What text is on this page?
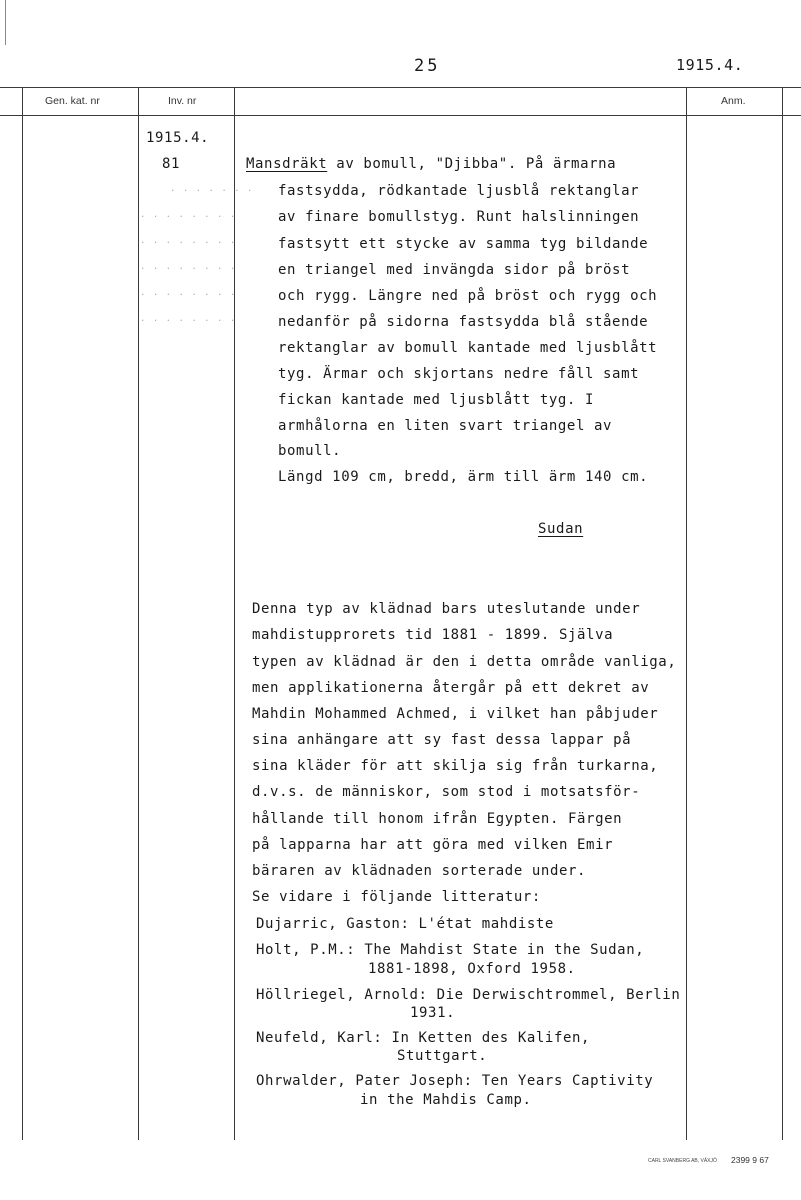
25	1915.4.
Gen. kat. nr	Inv. nr	Anm.
1915.4.
81
. . . . . . .
. . . . . . . .
. . . . . . . .
. . . . . . . .
. . . . . . . .
. . . . . . . .
Mansdräkt av bomull, "Djibba". På ärmarna
fastsydda, rödkantade ljusblå rektanglar
av finare bomullstyg. Runt halslinningen
fastsytt ett stycke av samma tyg bildande
en triangel med invängda sidor på bröst
och rygg. Längre ned på bröst och rygg och
nedanför på sidorna fastsydda blå stående
rektanglar av bomull kantade med ljusblått
tyg. Ärmar och skjortans nedre fåll samt
fickan kantade med ljusblått tyg. I
armhålorna en liten svart triangel av
bomull.
Längd 109 cm, bredd, ärm till ärm 140 cm.
Sudan
Denna typ av klädnad bars uteslutande under
mahdistupprorets tid 1881 - 1899. Själva
typen av klädnad är den i detta område vanliga,
men applikationerna återgår på ett dekret av
Mahdin Mohammed Achmed, i vilket han påbjuder
sina anhängare att sy fast dessa lappar på
sina kläder för att skilja sig från turkarna,
d.v.s. de människor, som stod i motsatsför-
hållande till honom ifrån Egypten. Färgen
på lapparna har att göra med vilken Emir
bäraren av klädnaden sorterade under.
Se vidare i följande litteratur:
Dujarric, Gaston: L'état mahdiste
Holt, P.M.: The Mahdist State in the Sudan,
1881-1898, Oxford 1958.
Höllriegel, Arnold: Die Derwischtrommel, Berlin
1931.
Neufeld, Karl: In Ketten des Kalifen,
Stuttgart.
Ohrwalder, Pater Joseph: Ten Years Captivity
in the Mahdis Camp.
CARL SVANBERG AB, VÄXJÖ 2399 9 67
